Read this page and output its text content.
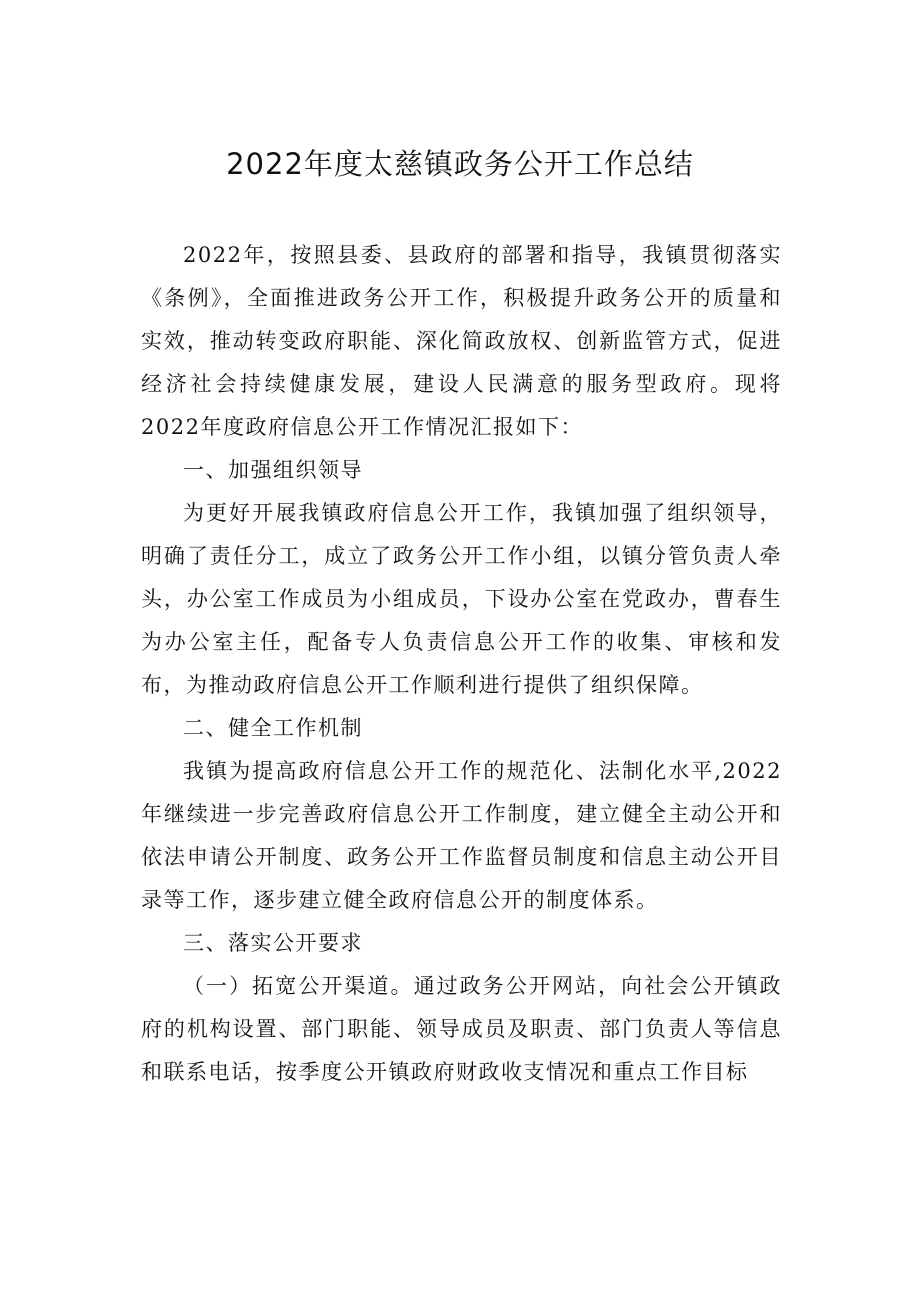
2022年度太慈镇政务公开工作总结

2022年，按照县委、县政府的部署和指导，我镇贯彻落实《条例》，全面推进政务公开工作，积极提升政务公开的质量和实效，推动转变政府职能、深化简政放权、创新监管方式，促进经济社会持续健康发展，建设人民满意的服务型政府。现将2022年度政府信息公开工作情况汇报如下：

一、加强组织领导

为更好开展我镇政府信息公开工作，我镇加强了组织领导，明确了责任分工，成立了政务公开工作小组，以镇分管负责人牵头，办公室工作成员为小组成员，下设办公室在党政办，曹春生为办公室主任，配备专人负责信息公开工作的收集、审核和发布，为推动政府信息公开工作顺利进行提供了组织保障。

二、健全工作机制

我镇为提高政府信息公开工作的规范化、法制化水平,2022年继续进一步完善政府信息公开工作制度，建立健全主动公开和依法申请公开制度、政务公开工作监督员制度和信息主动公开目录等工作，逐步建立健全政府信息公开的制度体系。

三、落实公开要求

（一）拓宽公开渠道。通过政务公开网站，向社会公开镇政府的机构设置、部门职能、领导成员及职责、部门负责人等信息和联系电话，按季度公开镇政府财政收支情况和重点工作目标
